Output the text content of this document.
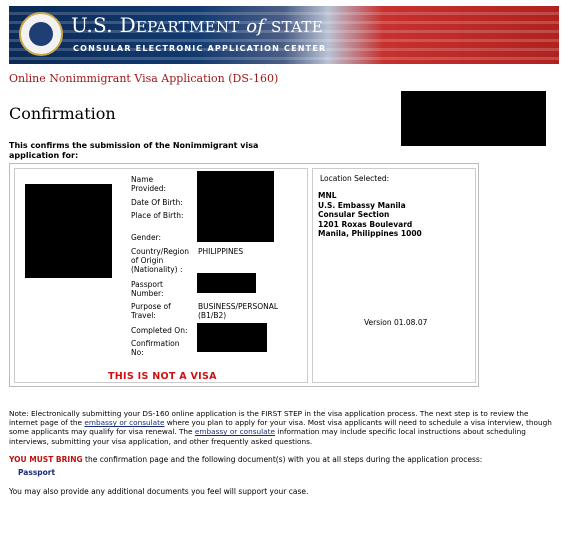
U.S. DEPARTMENT of STATE
CONSULAR ELECTRONIC APPLICATION CENTER
Online Nonimmigrant Visa Application (DS-160)
Confirmation
This confirms the submission of the Nonimmigrant visa application for:
Name Provided:
Date Of Birth:
Place of Birth:
Gender:
Country/Region of Origin (Nationality) :
Passport Number:
Purpose of Travel:
Completed On:
Confirmation No:
PHILIPPINES
BUSINESS/PERSONAL (B1/B2)
THIS IS NOT A VISA
Location Selected:
MNL
U.S. Embassy Manila
Consular Section
1201 Roxas Boulevard
Manila, Philippines 1000
Version 01.08.07
Note: Electronically submitting your DS-160 online application is the FIRST STEP in the visa application process. The next step is to review the internet page of the embassy or consulate where you plan to apply for your visa. Most visa applicants will need to schedule a visa interview, though some applicants may qualify for visa renewal. The embassy or consulate information may include specific local instructions about scheduling interviews, submitting your visa application, and other frequently asked questions.
YOU MUST BRING the confirmation page and the following document(s) with you at all steps during the application process:
Passport
You may also provide any additional documents you feel will support your case.
